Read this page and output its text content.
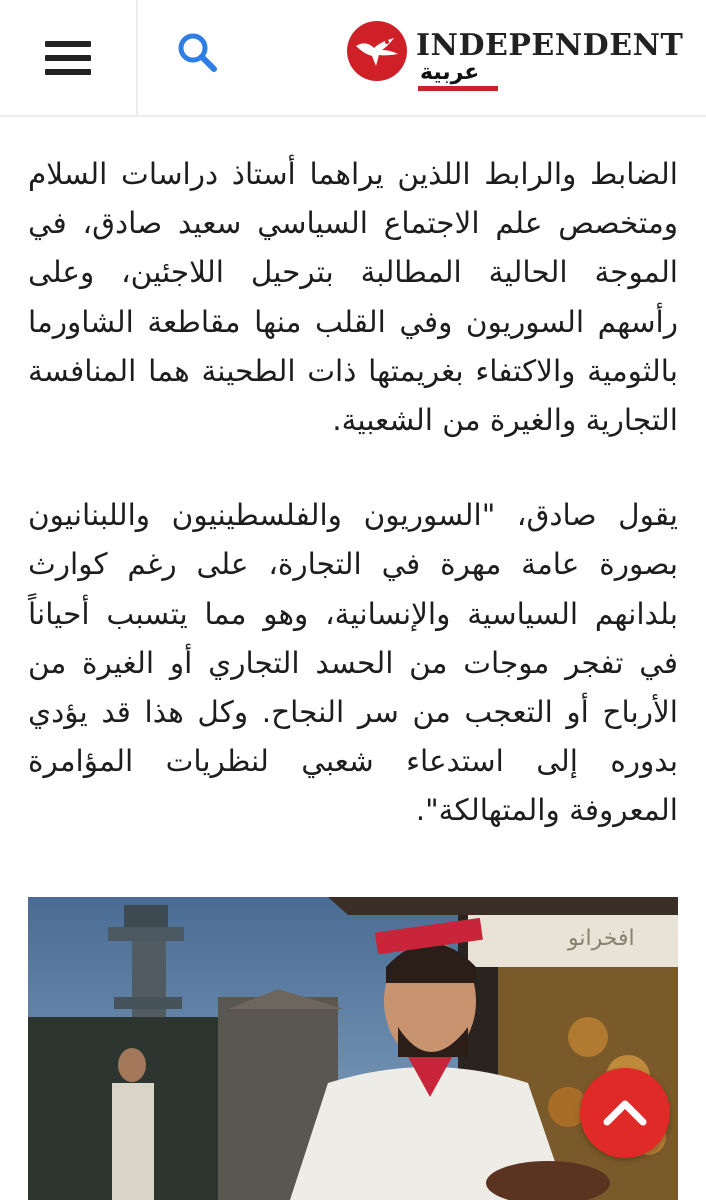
INDEPENDENT
عربية

الضابط والرابط اللذين يراهما أستاذ دراسات السلام ومتخصص علم الاجتماع السياسي سعيد صادق، في الموجة الحالية المطالبة بترحيل اللاجئين، وعلى رأسهم السوريون وفي القلب منها مقاطعة الشاورما بالثومية والاكتفاء بغريمتها ذات الطحينة هما المنافسة التجارية والغيرة من الشعبية.

يقول صادق، "السوريون والفلسطينيون واللبنانيون بصورة عامة مهرة في التجارة، على رغم كوارث بلدانهم السياسية والإنسانية، وهو مما يتسبب أحياناً في تفجر موجات من الحسد التجاري أو الغيرة من الأرباح أو التعجب من سر النجاح. وكل هذا قد يؤدي بدوره إلى استدعاء شعبي لنظريات المؤامرة المعروفة والمتهالكة".

افخرانو
